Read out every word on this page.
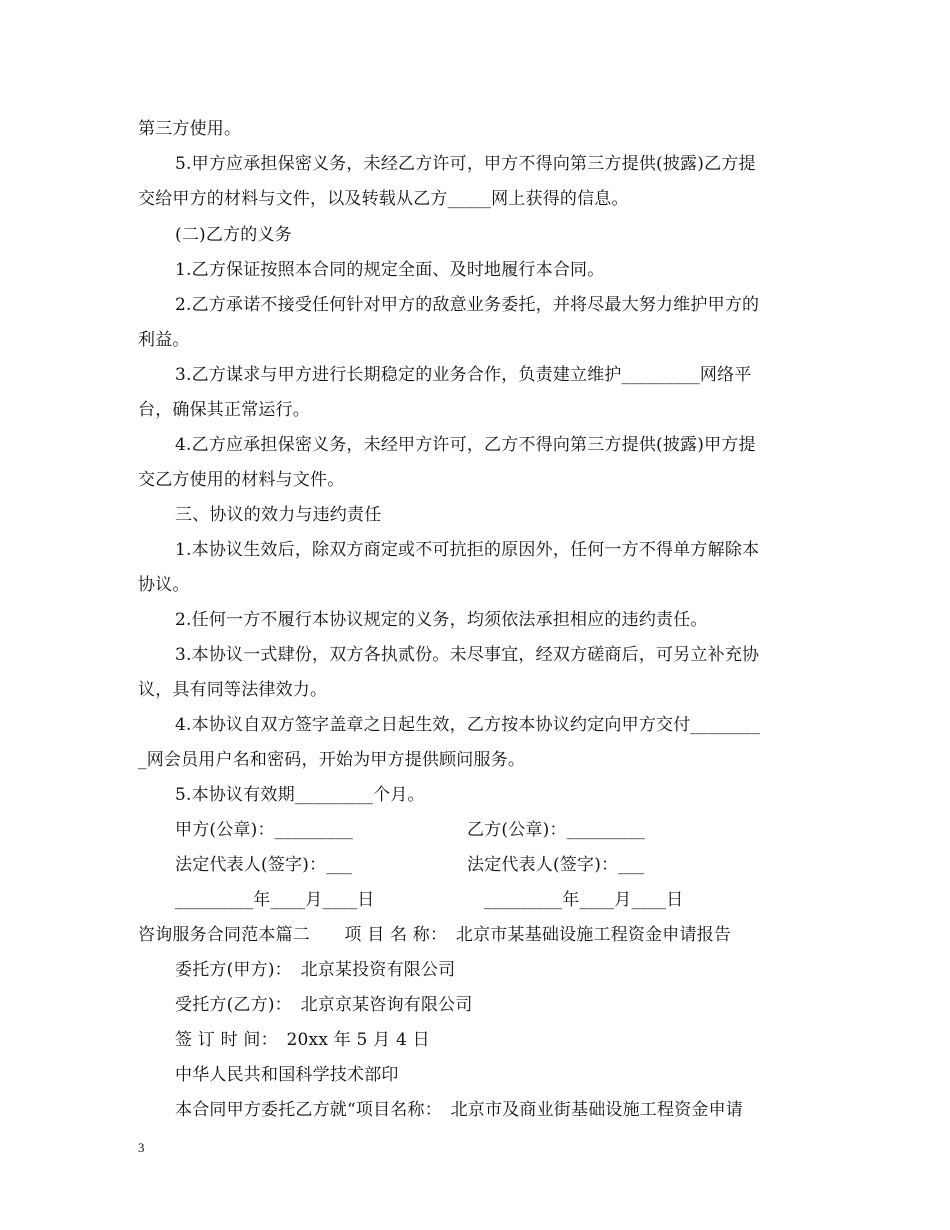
第三方使用。
5.甲方应承担保密义务，未经乙方许可，甲方不得向第三方提供(披露)乙方提
交给甲方的材料与文件，以及转载从乙方_____网上获得的信息。
(二)乙方的义务
1.乙方保证按照本合同的规定全面、及时地履行本合同。
2.乙方承诺不接受任何针对甲方的敌意业务委托，并将尽最大努力维护甲方的
利益。
3.乙方谋求与甲方进行长期稳定的业务合作，负责建立维护_________网络平
台，确保其正常运行。
4.乙方应承担保密义务，未经甲方许可，乙方不得向第三方提供(披露)甲方提
交乙方使用的材料与文件。
三、协议的效力与违约责任
1.本协议生效后，除双方商定或不可抗拒的原因外，任何一方不得单方解除本
协议。
2.任何一方不履行本协议规定的义务，均须依法承担相应的违约责任。
3.本协议一式肆份，双方各执贰份。未尽事宜，经双方磋商后，可另立补充协
议，具有同等法律效力。
4.本协议自双方签字盖章之日起生效，乙方按本协议约定向甲方交付________
_网会员用户名和密码，开始为甲方提供顾问服务。
5.本协议有效期_________个月。
甲方(公章)：_________	乙方(公章)：_________
法定代表人(签字)：___	法定代表人(签字)：___
_________年____月____日	_________年____月____日
咨询服务合同范本篇二　　项 目 名 称：　北京市某基础设施工程资金申请报告
委托方(甲方)：　北京某投资有限公司
受托方(乙方)：　北京京某咨询有限公司
签 订 时 间：　20xx 年 5 月 4 日
中华人民共和国科学技术部印
本合同甲方委托乙方就“项目名称：　北京市及商业街基础设施工程资金申请
3
